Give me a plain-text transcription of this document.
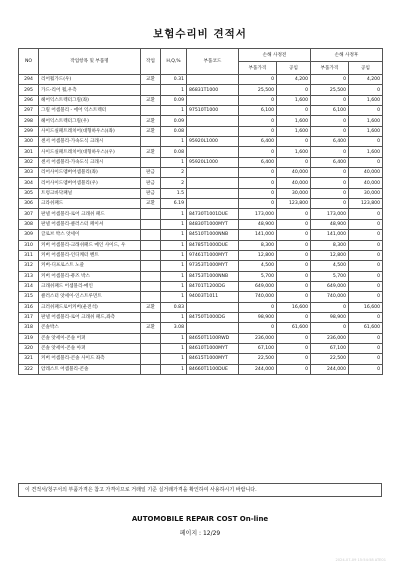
보험수리비 견적서
NO	작업항목 및 부품명	작업	H,Q,%	부품코드	손해 사정전		손해 사정후	
					부품가격	공임	부품가격	공임
294	리어휠가드(우)	교환	0.31		0	4,200	0	4,200
295	가드-리어 휠,우측		1	86831T1000	25,500	0	25,500	0
296	헤어익스트렉터그릴(좌)	교환	0.09		0	1,600	0	1,600
297	그릴 어셈블리 - 에어 익스트렉터		1	97510T1000	6,100	0	6,100	0
298	헤어익스트렉터그릴(우)	교환	0.09		0	1,600	0	1,600
299	사이드실패트레치어(대형하우스)(좌)	교환	0.08		0	1,600	0	1,600
300	센서 어셈블리-가속도식 크래시		1	95920L1000	6,400	0	6,400	0
301	사이드실패트레치어(대형하우스)(우)	교환	0.08		0	1,600	0	1,600
302	센서 어셈블리-가속도식 크래시		1	95920L1000	6,400	0	6,400	0
303	리어사이드멤버어셈블리(좌)	판금	2		0	40,000	0	40,000
304	리어사이드멤버어셈블리(우)	판금	2		0	40,000	0	40,000
305	트렁크바닥패널	판금	1.5		0	30,000	0	30,000
306	크라쉬패드	교환	6.19		0	123,800	0	123,800
307	판넬 어셈블리-로어 크래쉬 패드		1	84730T1001DUE	173,000	0	173,000	0
308	판넬 어셈블리-클러스터 페이셔		1	84830T1000MYT	48,900	0	48,900	0
309	글로브 박스 앗세이		1	84510T1000NNB	141,000	0	141,000	0
310	커버 어셈블리-크래쉬패드 메인 사이드, 우		1	84785T1000DUE	8,300	0	8,300	0
311	커버 어셈블리-인디케터 벤트		1	97461T1000MYT	12,800	0	12,800	0
312	커버-디프로스트 노즐		1	97353T1000MYT	4,500	0	4,500	0
313	커버 어셈블리-퓨즈 박스		1	84753T1000NNB	5,700	0	5,700	0
314	크래쉬패드 어셈블리-메인		1	84701T1200DG	649,000	0	649,000	0
315	클러스터 앗세이-인스트루먼트		1	94003T1011	740,000	0	740,000	0
316	크러쉬패드로어커버(운전석)	교환	0.83		0	16,600	0	16,600
317	판넬 어셈블리-로어 크래쉬 패드,좌측		1	84750T1000DG	98,900	0	98,900	0
318	콘솔박스	교환	3.08		0	61,600	0	61,600
319	콘솔 앗세이-콘솔 어퍼		1	84650T1100RWD	236,000	0	236,000	0
320	콘솔 앗세이-콘솔 아퍼		1	84610T1000MYT	67,100	0	67,100	0
321	커버 어셈블리-콘솔 사이드 좌측		1	84615T1000MYT	22,500	0	22,500	0
322	암레스트 어셈블리-콘솔		1	84660T1100DUE	244,000	0	244,000	0
이 견적서/청구서의 부품가격은 참고 가격이므로 거래일 기준 실거래가격을 확인하여 사용하시기 바랍니다.
AUTOMOBILE REPAIR COST On-line
페이지 : 12/29
2024-07-09 15:54:58 ATE01
